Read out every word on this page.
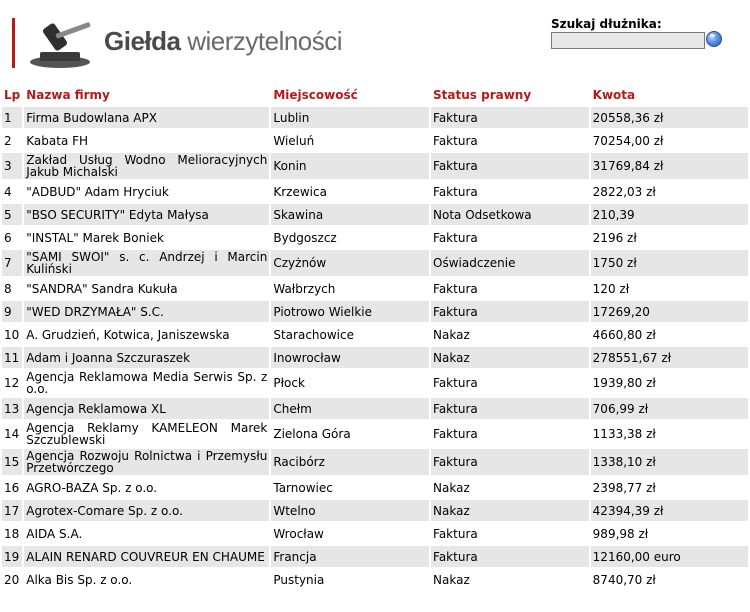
Giełda wierzytelności
Szukaj dłużnika:
Lp	Nazwa firmy	Miejscowość	Status prawny	Kwota
1	Firma Budowlana APX	Lublin	Faktura	20558,36 zł
2	Kabata FH	Wieluń	Faktura	70254,00 zł
3	Zakład Usług Wodno Melioracyjnych Jakub Michalski	Konin	Faktura	31769,84 zł
4	"ADBUD" Adam Hryciuk	Krzewica	Faktura	2822,03 zł
5	"BSO SECURITY" Edyta Małysa	Skawina	Nota Odsetkowa	210,39
6	"INSTAL" Marek Boniek	Bydgoszcz	Faktura	2196 zł
7	"SAMI SWOI" s. c. Andrzej i Marcin Kuliński	Czyżnów	Oświadczenie	1750 zł
8	"SANDRA" Sandra Kukuła	Wałbrzych	Faktura	120 zł
9	"WED DRZYMAŁA" S.C.	Piotrowo Wielkie	Faktura	17269,20
10	A. Grudzień, Kotwica, Janiszewska	Starachowice	Nakaz	4660,80 zł
11	Adam i Joanna Szczuraszek	Inowrocław	Nakaz	278551,67 zł
12	Agencja Reklamowa Media Serwis Sp. z o.o.	Płock	Faktura	1939,80 zł
13	Agencja Reklamowa XL	Chełm	Faktura	706,99 zł
14	Agencja Reklamy KAMELEON Marek Szczublewski	Zielona Góra	Faktura	1133,38 zł
15	Agencja Rozwoju Rolnictwa i Przemysłu Przetwórczego	Racibórz	Faktura	1338,10 zł
16	AGRO-BAZA Sp. z o.o.	Tarnowiec	Nakaz	2398,77 zł
17	Agrotex-Comare Sp. z o.o.	Wtelno	Nakaz	42394,39 zł
18	AIDA S.A.	Wrocław	Faktura	989,98 zł
19	ALAIN RENARD COUVREUR EN CHAUME	Francja	Faktura	12160,00 euro
20	Alka Bis Sp. z o.o.	Pustynia	Nakaz	8740,70 zł
